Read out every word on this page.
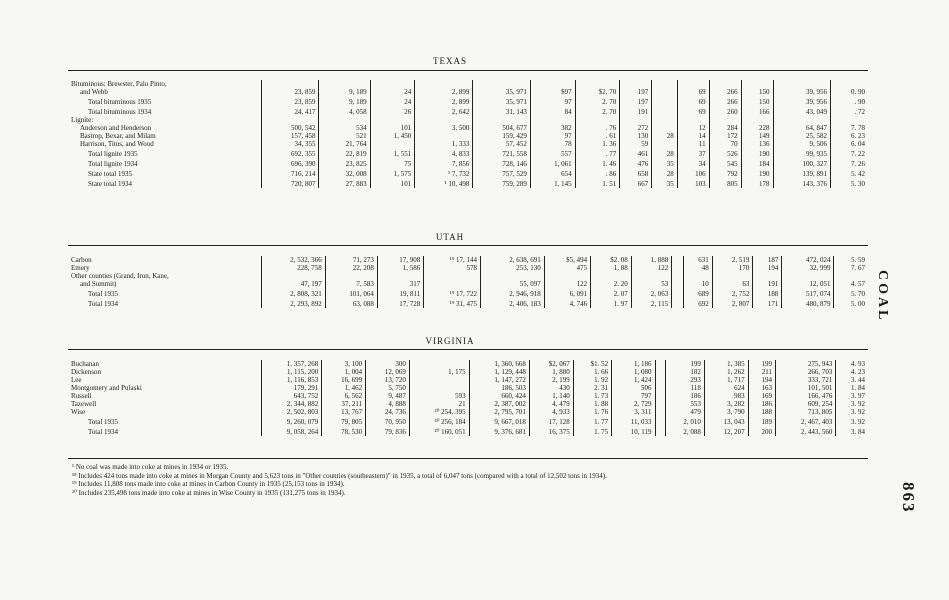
TEXAS
Bituminous: Brewster, Palo Pinto,														
and Webb	23, 859	9, 189	24	2, 899	35, 971	$97	$2. 70	197		69	266	150	39, 956	0. 90
Total bituminous 1935	23, 859	9, 189	24	2, 899	35, 971	97	2. 70	197		69	266	150	39, 956	. 90
Total bituminous 1934	24, 417	4, 058	26	2, 642	31, 143	84	2. 70	191		69	260	166	43, 049	. 72
Lignite:														
Anderson and Henderson	500, 542	534	101	3, 500	504, 677	382	. 76	272		12	284	228	64, 847	7. 78
Bastrop, Bexar, and Milam	157, 458	521	1, 450		159, 429	97	. 61	130	28	14	172	149	25, 582	6. 23
Harrison, Titus, and Wood	34, 355	21, 764		1, 333	57, 452	78	1. 36	59		11	70	136	9, 506	6. 04
Total lignite 1935	692, 355	22, 819	1, 551	4, 833	721, 558	557	. 77	461	28	37	526	190	99, 935	7. 22
Total lignite 1934	696, 390	23, 825	75	7, 856	728, 146	1, 061	1. 46	476	35	34	545	184	100, 327	7. 26
State total 1935	716, 214	32, 008	1, 575	¹ 7, 732	757, 529	654	. 86	658	28	106	792	190	139, 891	5. 42
State total 1934	720, 807	27, 883	101	¹ 10, 498	759, 289	1, 145	1. 51	667	35	103	805	178	143, 376	5. 30
UTAH
Carbon	2, 532, 366	71, 273	17, 908	¹⁹ 17, 144	2, 638, 691	$5, 494	$2. 08	1, 888		631	2, 519	187	472, 024	5. 59
Emery	228, 758	22, 208	1, 586	578	253, 130	475	1. 88	122		48	170	194	32, 999	7. 67
Other counties (Grand, Iron, Kane,														
and Summit)	47, 197	7, 583	317		55, 097	122	2. 20	53		10	63	191	12, 051	4. 57
Total 1935	2, 808, 321	101, 064	19, 811	¹⁹ 17, 722	2, 946, 918	6, 091	2. 07	2, 063		689	2, 752	188	517, 074	5. 70
Total 1934	2, 293, 892	63, 088	17, 728	¹⁹ 31, 475	2, 406, 183	4, 746	1. 97	2, 115		692	2, 807	171	480, 879	5. 00
VIRGINIA
Buchanan	1, 357, 268	3, 100	300		1, 360, 668	$2, 067	$1. 52	1, 186		199	1, 385	199	275, 943	4. 93
Dickenson	1, 115, 200	1, 004	12, 069	1, 175	1, 129, 448	1, 880	1. 66	1, 080		182	1, 262	211	266, 703	4. 23
Lee	1, 116, 853	16, 699	13, 720		1, 147, 272	2, 199	1. 92	1, 424		293	1, 717	194	333, 721	3. 44
Montgomery and Pulaski	179, 291	1, 462	5, 750		186, 503	430	2. 31	506		118	624	163	101, 501	1. 84
Russell	643, 752	6, 562	9, 487	593	660, 424	1, 140	1. 73	797		186	983	169	166, 476	3. 97
Tazewell	2, 344, 882	37, 211	4, 888	21	2, 387, 002	4, 479	1. 88	2, 729		553	3, 282	186	609, 254	3. 92
Wise	2, 502, 803	13, 767	24, 736	²⁰ 254, 395	2, 795, 701	4, 933	1. 76	3, 311		479	3, 790	188	713, 805	3. 92
Total 1935	9, 260, 079	79, 805	70, 950	²⁰ 256, 184	9, 667, 018	17, 128	1. 77	11, 033		2, 010	13, 043	189	2, 467, 403	3. 92
Total 1934	9, 058, 264	78, 530	79, 836	²⁰ 160, 051	9, 376, 681	16, 375	1. 75	10, 119		2, 088	12, 207	200	2, 443, 560	3. 84
¹ No coal was made into coke at mines in 1934 or 1935.
¹⁸ Includes 424 tons made into coke at mines in Morgan County and 5,623 tons in "Other counties (southeastern)" in 1935, a total of 6,047 tons (compared with a total of 12,502 tons in 1934).
¹⁹ Includes 11,808 tons made into coke at mines in Carbon County in 1935 (25,153 tons in 1934).
²⁰ Includes 235,498 tons made into coke at mines in Wise County in 1935 (131,275 tons in 1934).
COAL
863
